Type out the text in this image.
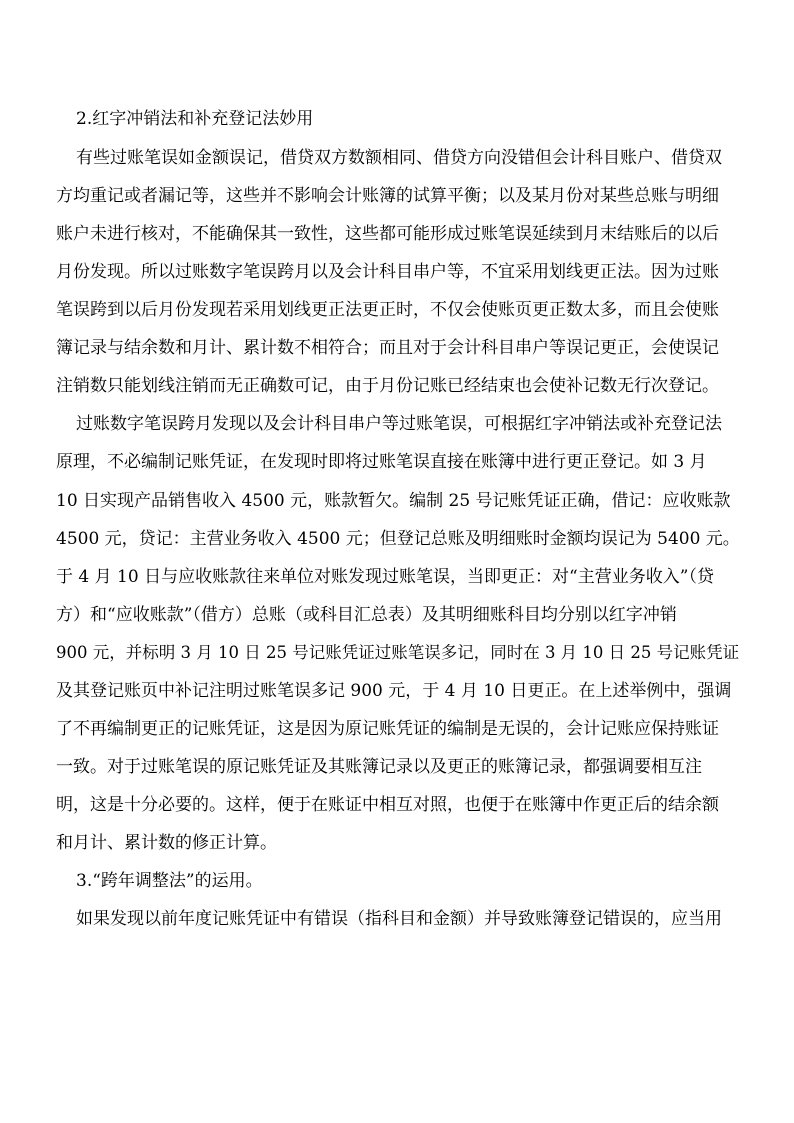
2.红字冲销法和补充登记法妙用
有些过账笔误如金额误记，借贷双方数额相同、借贷方向没错但会计科目账户、借贷双
方均重记或者漏记等，这些并不影响会计账簿的试算平衡；以及某月份对某些总账与明细
账户未进行核对，不能确保其一致性，这些都可能形成过账笔误延续到月末结账后的以后
月份发现。所以过账数字笔误跨月以及会计科目串户等，不宜采用划线更正法。因为过账
笔误跨到以后月份发现若采用划线更正法更正时，不仅会使账页更正数太多，而且会使账
簿记录与结余数和月计、累计数不相符合；而且对于会计科目串户等误记更正，会使误记
注销数只能划线注销而无正确数可记，由于月份记账已经结束也会使补记数无行次登记。
过账数字笔误跨月发现以及会计科目串户等过账笔误，可根据红字冲销法或补充登记法
原理，不必编制记账凭证，在发现时即将过账笔误直接在账簿中进行更正登记。如 3 月
10 日实现产品销售收入 4500 元，账款暂欠。编制 25 号记账凭证正确，借记：应收账款
4500 元，贷记：主营业务收入 4500 元；但登记总账及明细账时金额均误记为 5400 元。
于 4 月 10 日与应收账款往来单位对账发现过账笔误，当即更正：对“主营业务收入”（贷
方）和“应收账款”（借方）总账（或科目汇总表）及其明细账科目均分别以红字冲销
900 元，并标明 3 月 10 日 25 号记账凭证过账笔误多记，同时在 3 月 10 日 25 号记账凭证
及其登记账页中补记注明过账笔误多记 900 元，于 4 月 10 日更正。在上述举例中，强调
了不再编制更正的记账凭证，这是因为原记账凭证的编制是无误的，会计记账应保持账证
一致。对于过账笔误的原记账凭证及其账簿记录以及更正的账簿记录，都强调要相互注
明，这是十分必要的。这样，便于在账证中相互对照，也便于在账簿中作更正后的结余额
和月计、累计数的修正计算。
3.“跨年调整法”的运用。
如果发现以前年度记账凭证中有错误（指科目和金额）并导致账簿登记错误的，应当用
